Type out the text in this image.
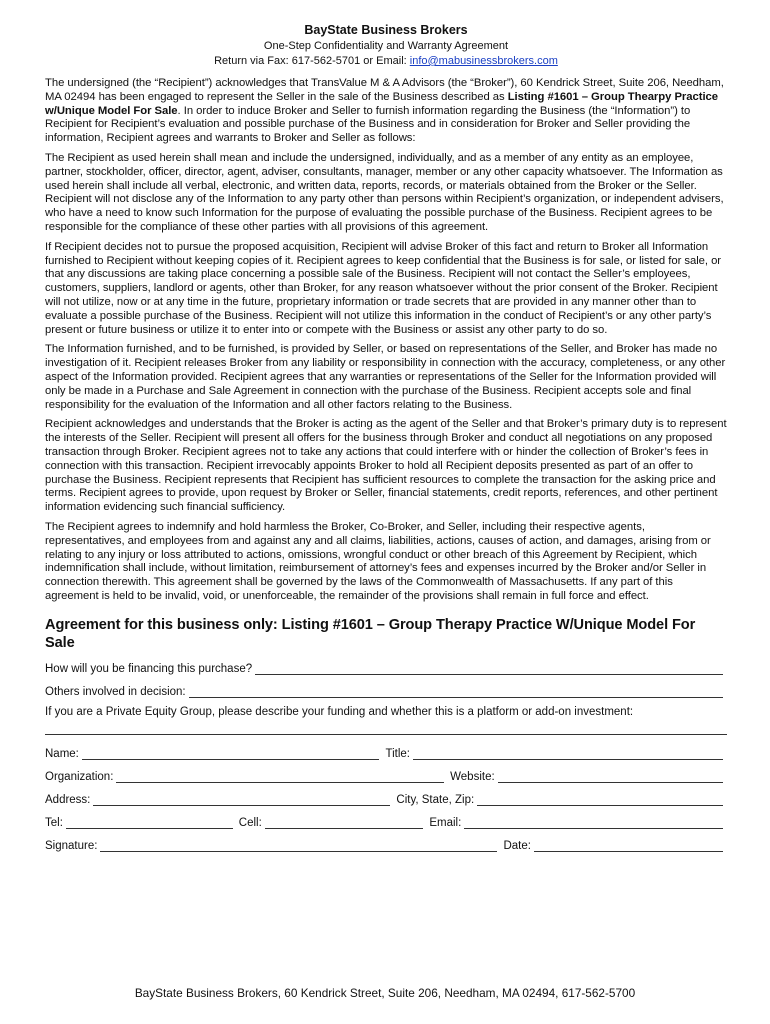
BayState Business Brokers
One-Step Confidentiality and Warranty Agreement
Return via Fax: 617-562-5701 or Email: info@mabusinessbrokers.com

The undersigned (the “Recipient”) acknowledges that TransValue M & A Advisors (the “Broker”), 60 Kendrick Street, Suite 206, Needham, MA 02494 has been engaged to represent the Seller in the sale of the Business described as Listing #1601 – Group Thearpy Practice w/Unique Model For Sale. In order to induce Broker and Seller to furnish information regarding the Business (the “Information”) to Recipient for Recipient’s evaluation and possible purchase of the Business and in consideration for Broker and Seller providing the information, Recipient agrees and warrants to Broker and Seller as follows:

The Recipient as used herein shall mean and include the undersigned, individually, and as a member of any entity as an employee, partner, stockholder, officer, director, agent, adviser, consultants, manager, member or any other capacity whatsoever. The Information as used herein shall include all verbal, electronic, and written data, reports, records, or materials obtained from the Broker or the Seller. Recipient will not disclose any of the Information to any party other than persons within Recipient’s organization, or independent advisers, who have a need to know such Information for the purpose of evaluating the possible purchase of the Business. Recipient agrees to be responsible for the compliance of these other parties with all provisions of this agreement.

If Recipient decides not to pursue the proposed acquisition, Recipient will advise Broker of this fact and return to Broker all Information furnished to Recipient without keeping copies of it. Recipient agrees to keep confidential that the Business is for sale, or listed for sale, or that any discussions are taking place concerning a possible sale of the Business. Recipient will not contact the Seller’s employees, customers, suppliers, landlord or agents, other than Broker, for any reason whatsoever without the prior consent of the Broker. Recipient will not utilize, now or at any time in the future, proprietary information or trade secrets that are provided in any manner other than to evaluate a possible purchase of the Business. Recipient will not utilize this information in the conduct of Recipient’s or any other party’s present or future business or utilize it to enter into or compete with the Business or assist any other party to do so.

The Information furnished, and to be furnished, is provided by Seller, or based on representations of the Seller, and Broker has made no investigation of it. Recipient releases Broker from any liability or responsibility in connection with the accuracy, completeness, or any other aspect of the Information provided. Recipient agrees that any warranties or representations of the Seller for the Information provided will only be made in a Purchase and Sale Agreement in connection with the purchase of the Business. Recipient accepts sole and final responsibility for the evaluation of the Information and all other factors relating to the Business.

Recipient acknowledges and understands that the Broker is acting as the agent of the Seller and that Broker’s primary duty is to represent the interests of the Seller. Recipient will present all offers for the business through Broker and conduct all negotiations on any proposed transaction through Broker. Recipient agrees not to take any actions that could interfere with or hinder the collection of Broker’s fees in connection with this transaction. Recipient irrevocably appoints Broker to hold all Recipient deposits presented as part of an offer to purchase the Business. Recipient represents that Recipient has sufficient resources to complete the transaction for the asking price and terms. Recipient agrees to provide, upon request by Broker or Seller, financial statements, credit reports, references, and other pertinent information evidencing such financial sufficiency.

The Recipient agrees to indemnify and hold harmless the Broker, Co-Broker, and Seller, including their respective agents, representatives, and employees from and against any and all claims, liabilities, actions, causes of action, and damages, arising from or relating to any injury or loss attributed to actions, omissions, wrongful conduct or other breach of this Agreement by Recipient, which indemnification shall include, without limitation, reimbursement of attorney’s fees and expenses incurred by the Broker and/or Seller in connection therewith. This agreement shall be governed by the laws of the Commonwealth of Massachusetts. If any part of this agreement is held to be invalid, void, or unenforceable, the remainder of the provisions shall remain in full force and effect.

Agreement for this business only: Listing #1601 – Group Therapy Practice W/Unique Model For Sale
How will you be financing this purchase?
Others involved in decision:
If you are a Private Equity Group, please describe your funding and whether this is a platform or add-on investment:
Name:	Title:
Organization:	Website:
Address:	City, State, Zip:
Tel:	Cell:	Email:
Signature:	Date:
BayState Business Brokers, 60 Kendrick Street, Suite 206, Needham, MA 02494, 617-562-5700
